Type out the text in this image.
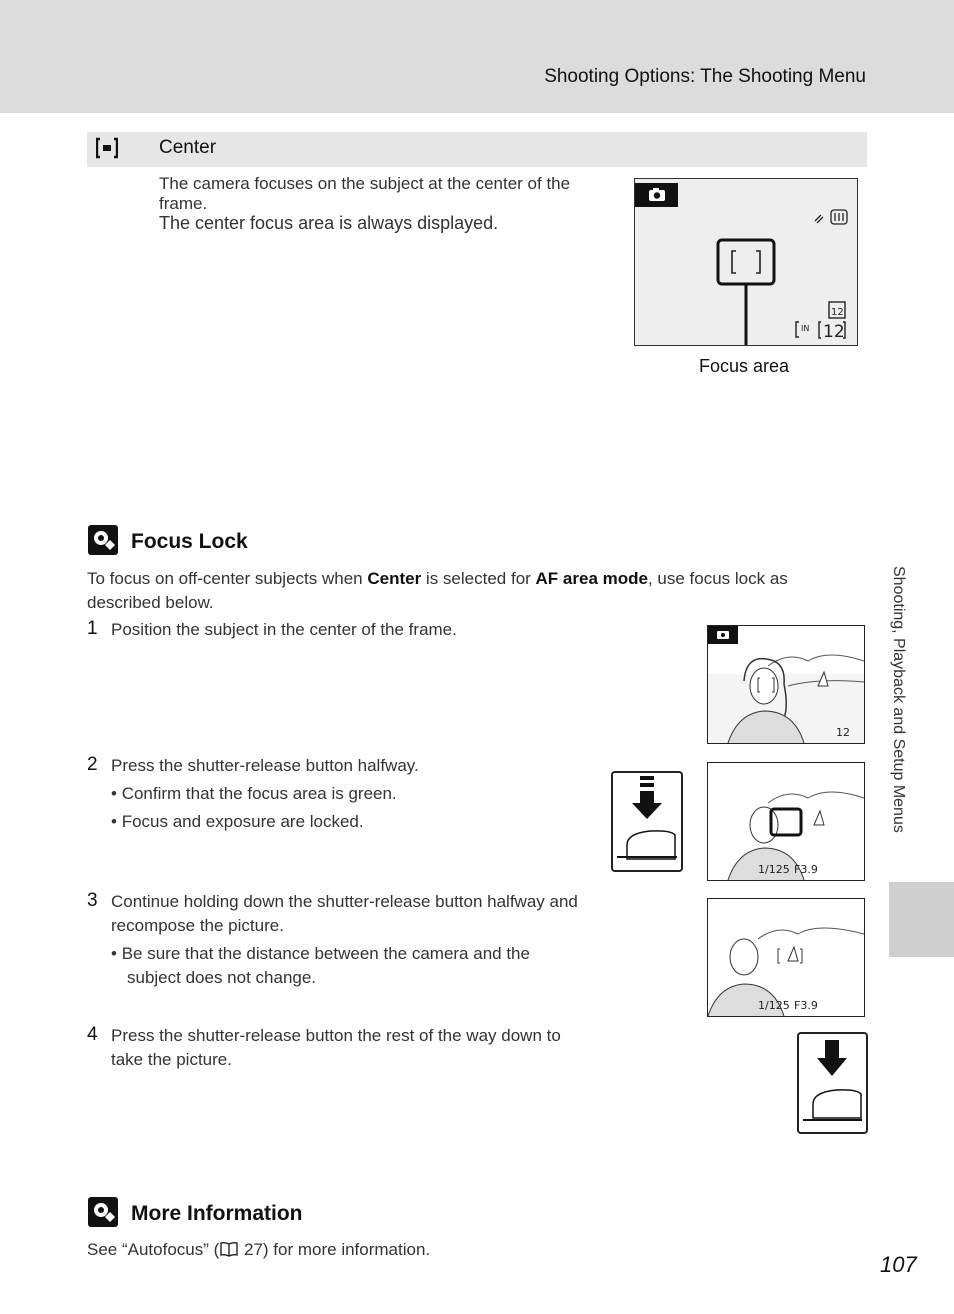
Shooting Options: The Shooting Menu
Center
The camera focuses on the subject at the center of the frame.
The center focus area is always displayed.
12
IN 12
Focus area
Focus Lock
To focus on off-center subjects when Center is selected for AF area mode, use focus lock as described below.
1 Position the subject in the center of the frame.
2 Press the shutter-release button halfway.
• Confirm that the focus area is green.
• Focus and exposure are locked.
3 Continue holding down the shutter-release button halfway and recompose the picture.
• Be sure that the distance between the camera and the subject does not change.
4 Press the shutter-release button the rest of the way down to take the picture.
12
1/125 F3.9
1/125 F3.9
More Information
See “Autofocus” ( 27) for more information.
Shooting, Playback and Setup Menus
107
